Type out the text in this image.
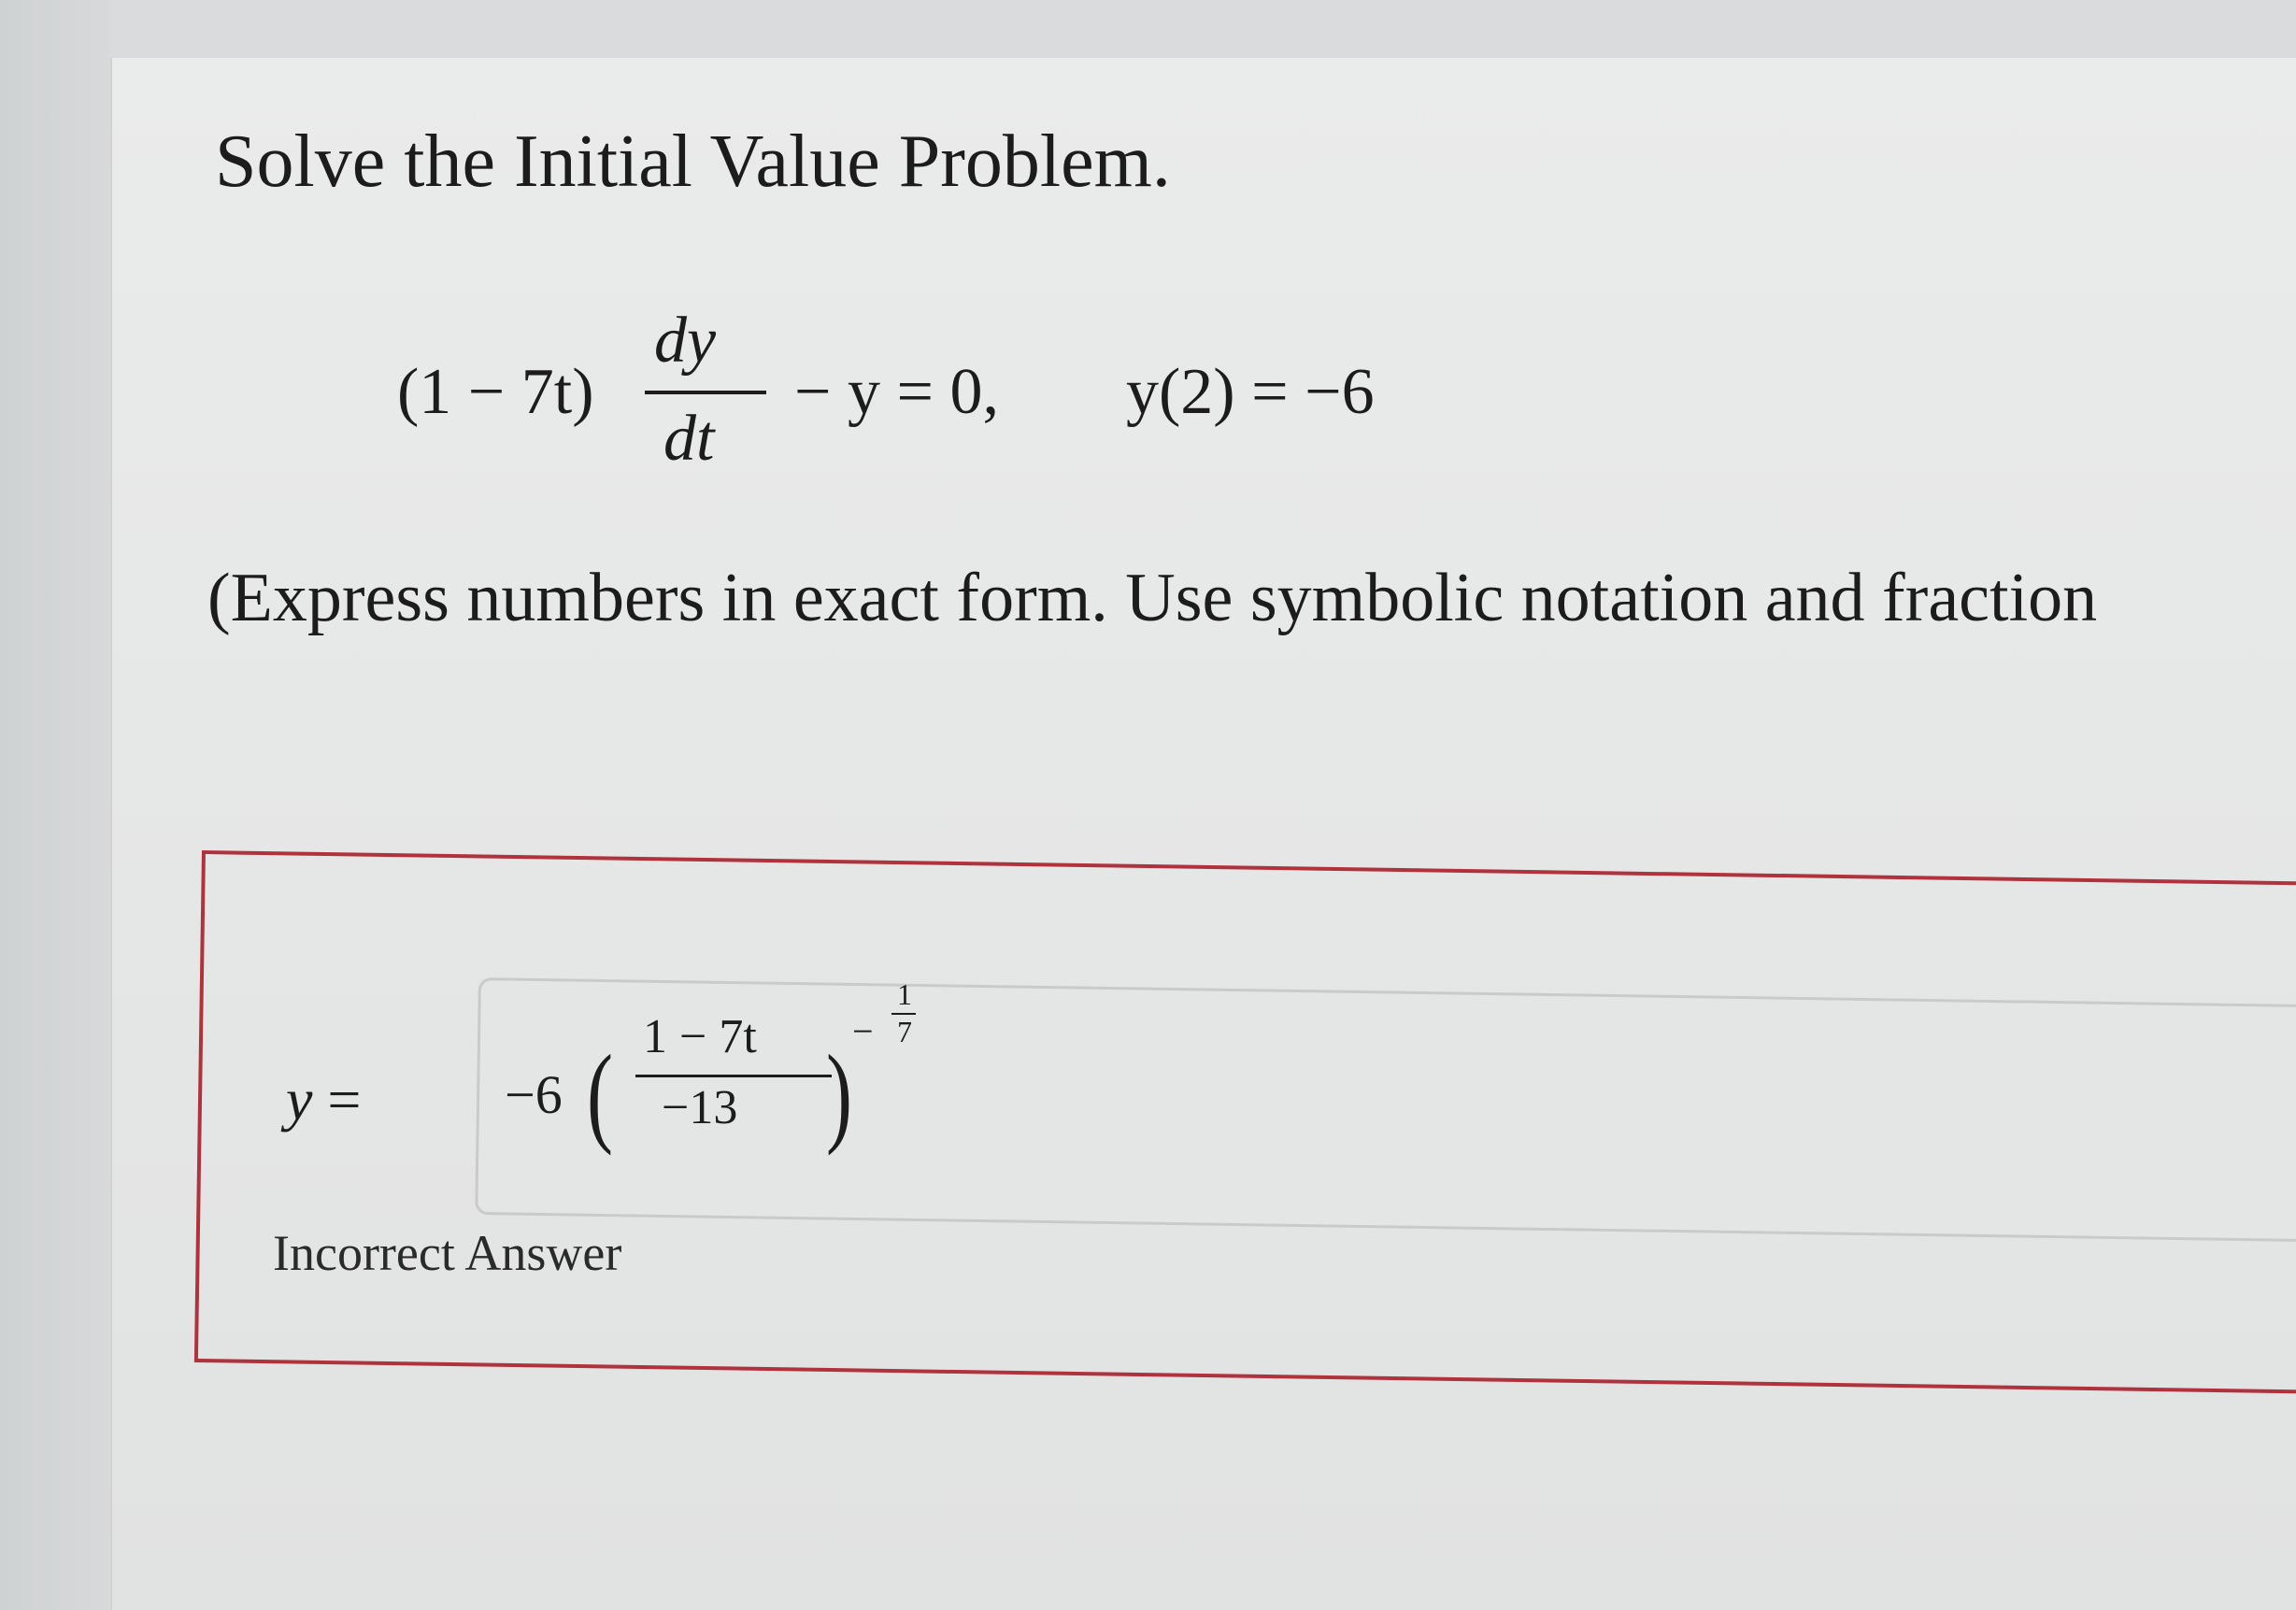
Solve the Initial Value Problem.
(1 − 7t)
dy
dt
− y = 0, y(2) = −6
(Express numbers in exact form. Use symbolic notation and fraction
y =	−6 ( 1 − 7t
−13 )
−
1
7
Incorrect Answer
